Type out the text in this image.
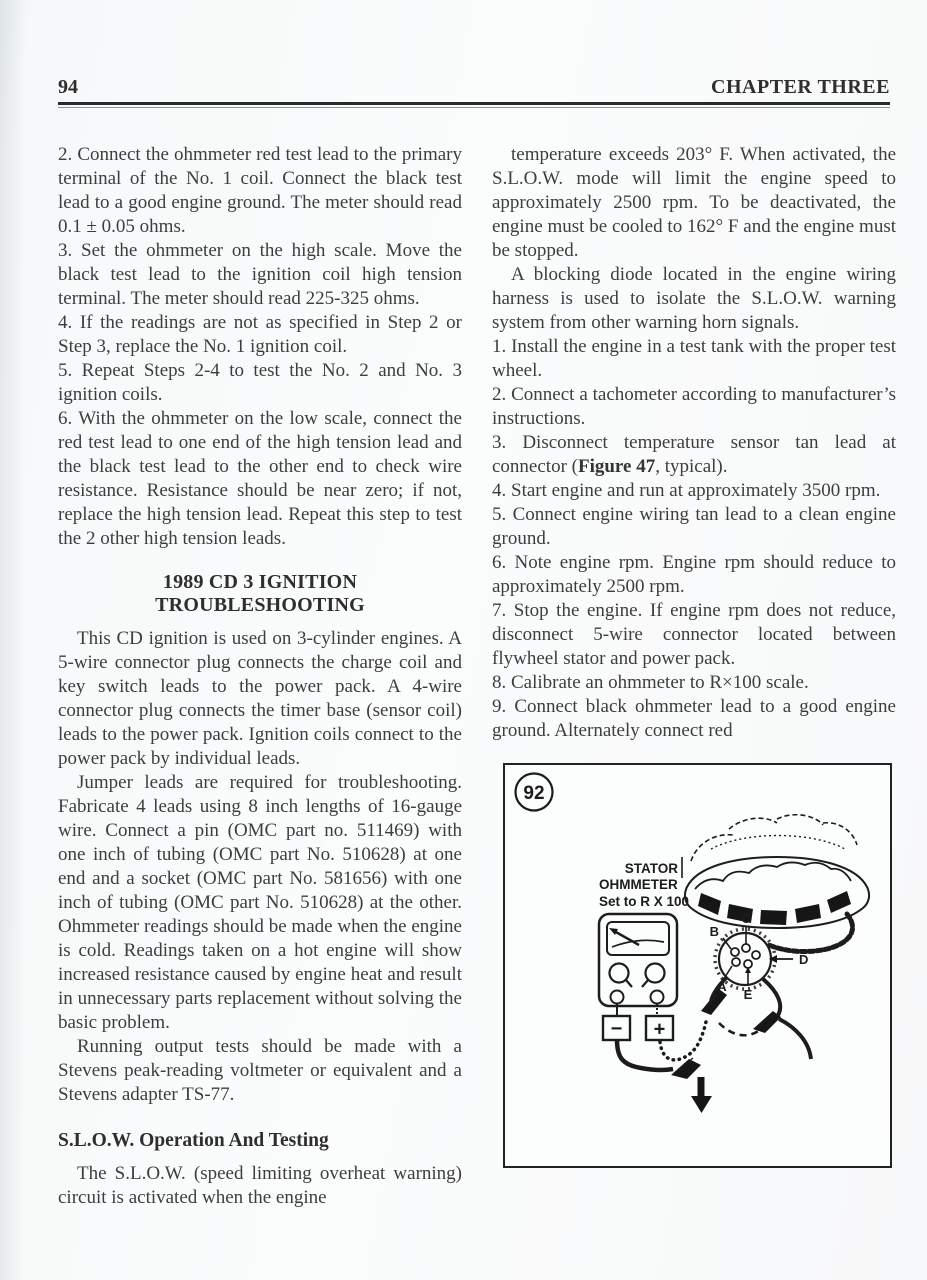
94	CHAPTER THREE

2. Connect the ohmmeter red test lead to the primary terminal of the No. 1 coil. Connect the black test lead to a good engine ground. The meter should read 0.1 ± 0.05 ohms.

3. Set the ohmmeter on the high scale. Move the black test lead to the ignition coil high tension terminal. The meter should read 225-325 ohms.

4. If the readings are not as specified in Step 2 or Step 3, replace the No. 1 ignition coil.

5. Repeat Steps 2-4 to test the No. 2 and No. 3 ignition coils.

6. With the ohmmeter on the low scale, connect the red test lead to one end of the high tension lead and the black test lead to the other end to check wire resistance. Resistance should be near zero; if not, replace the high tension lead. Repeat this step to test the 2 other high tension leads.

1989 CD 3 IGNITION
TROUBLESHOOTING

This CD ignition is used on 3-cylinder engines. A 5-wire connector plug connects the charge coil and key switch leads to the power pack. A 4-wire connector plug connects the timer base (sensor coil) leads to the power pack. Ignition coils connect to the power pack by individual leads.

Jumper leads are required for troubleshooting. Fabricate 4 leads using 8 inch lengths of 16-gauge wire. Connect a pin (OMC part no. 511469) with one inch of tubing (OMC part No. 510628) at one end and a socket (OMC part No. 581656) with one inch of tubing (OMC part No. 510628) at the other. Ohmmeter readings should be made when the engine is cold. Readings taken on a hot engine will show increased resistance caused by engine heat and result in unnecessary parts replacement without solving the basic problem.

Running output tests should be made with a Stevens peak-reading voltmeter or equivalent and a Stevens adapter TS-77.

S.L.O.W. Operation And Testing

The S.L.O.W. (speed limiting overheat warning) circuit is activated when the engine

temperature exceeds 203° F. When activated, the S.L.O.W. mode will limit the engine speed to approximately 2500 rpm. To be deactivated, the engine must be cooled to 162° F and the engine must be stopped.

A blocking diode located in the engine wiring harness is used to isolate the S.L.O.W. warning system from other warning horn signals.

1. Install the engine in a test tank with the proper test wheel.

2. Connect a tachometer according to manufacturer’s instructions.

3. Disconnect temperature sensor tan lead at connector (Figure 47, typical).

4. Start engine and run at approximately 3500 rpm.

5. Connect engine wiring tan lead to a clean engine ground.

6. Note engine rpm. Engine rpm should reduce to approximately 2500 rpm.

7. Stop the engine. If engine rpm does not reduce, disconnect 5-wire connector located between flywheel stator and power pack.

8. Calibrate an ohmmeter to R×100 scale.

9. Connect black ohmmeter lead to a good engine ground. Alternately connect red

92
STATOR
OHMMETER
Set to R X 100
− +
C
B
A
E
D
